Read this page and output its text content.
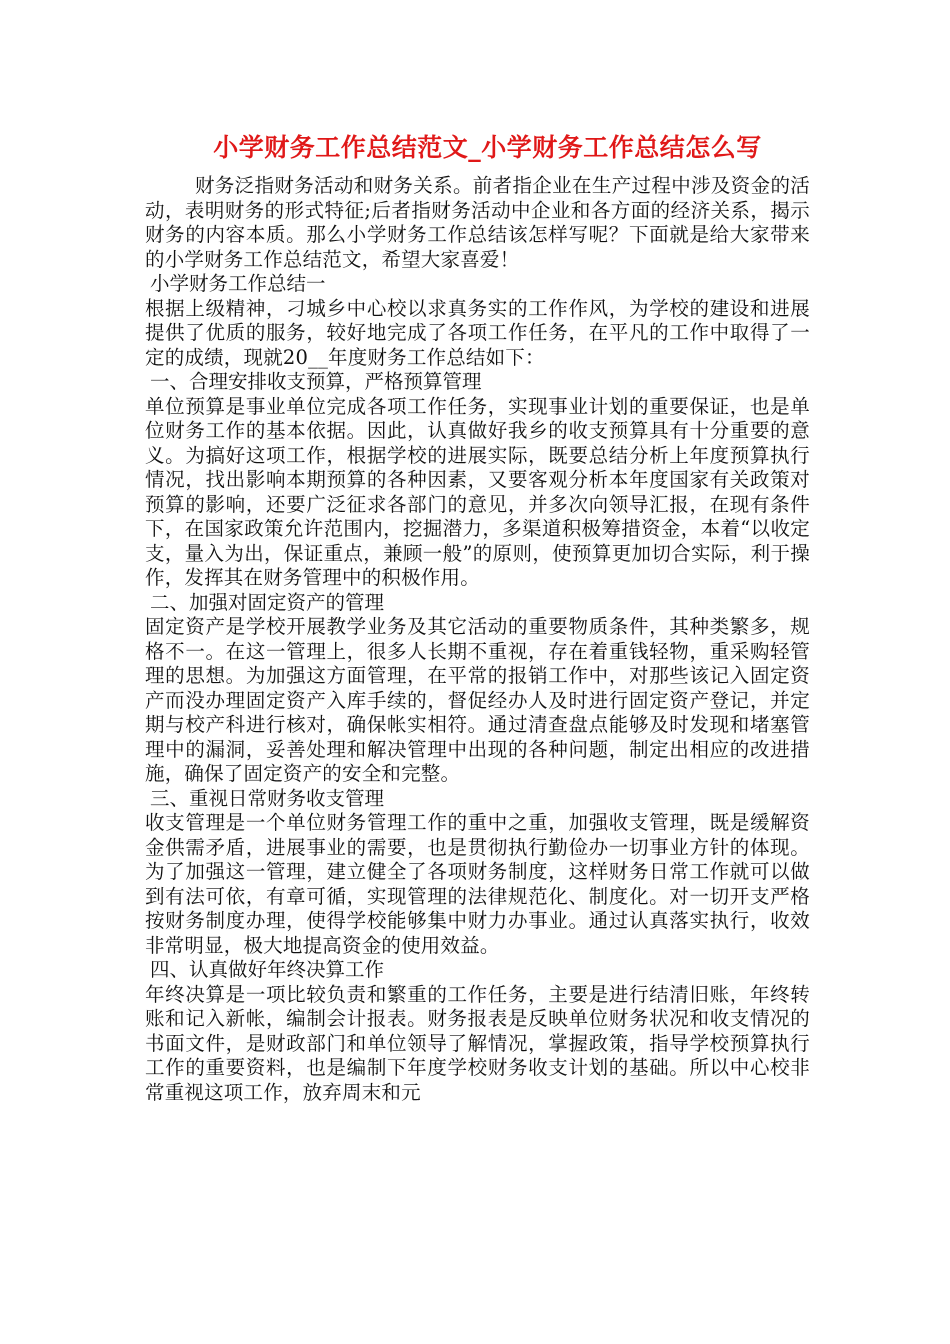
小学财务工作总结范文_小学财务工作总结怎么写

财务泛指财务活动和财务关系。前者指企业在生产过程中涉及资金的活动，表明财务的形式特征;后者指财务活动中企业和各方面的经济关系，揭示财务的内容本质。那么小学财务工作总结该怎样写呢？下面就是给大家带来的小学财务工作总结范文，希望大家喜爱！

小学财务工作总结一

根据上级精神，刁城乡中心校以求真务实的工作作风，为学校的建设和进展提供了优质的服务，较好地完成了各项工作任务，在平凡的工作中取得了一定的成绩，现就20__年度财务工作总结如下：

一、合理安排收支预算，严格预算管理

单位预算是事业单位完成各项工作任务，实现事业计划的重要保证，也是单位财务工作的基本依据。因此，认真做好我乡的收支预算具有十分重要的意义。为搞好这项工作，根据学校的进展实际，既要总结分析上年度预算执行情况，找出影响本期预算的各种因素，又要客观分析本年度国家有关政策对预算的影响，还要广泛征求各部门的意见，并多次向领导汇报，在现有条件下，在国家政策允许范围内，挖掘潜力，多渠道积极筹措资金，本着“以收定支，量入为出，保证重点，兼顾一般”的原则，使预算更加切合实际，利于操作，发挥其在财务管理中的积极作用。

二、加强对固定资产的管理

固定资产是学校开展教学业务及其它活动的重要物质条件，其种类繁多，规格不一。在这一管理上，很多人长期不重视，存在着重钱轻物，重采购轻管理的思想。为加强这方面管理，在平常的报销工作中，对那些该记入固定资产而没办理固定资产入库手续的，督促经办人及时进行固定资产登记，并定期与校产科进行核对，确保帐实相符。通过清查盘点能够及时发现和堵塞管理中的漏洞，妥善处理和解决管理中出现的各种问题，制定出相应的改进措施，确保了固定资产的安全和完整。

三、重视日常财务收支管理

收支管理是一个单位财务管理工作的重中之重，加强收支管理，既是缓解资金供需矛盾，进展事业的需要，也是贯彻执行勤俭办一切事业方针的体现。为了加强这一管理，建立健全了各项财务制度，这样财务日常工作就可以做到有法可依，有章可循，实现管理的法律规范化、制度化。对一切开支严格按财务制度办理，使得学校能够集中财力办事业。通过认真落实执行，收效非常明显，极大地提高资金的使用效益。

四、认真做好年终决算工作

年终决算是一项比较负责和繁重的工作任务，主要是进行结清旧账，年终转账和记入新帐，编制会计报表。财务报表是反映单位财务状况和收支情况的书面文件，是财政部门和单位领导了解情况，掌握政策，指导学校预算执行工作的重要资料，也是编制下年度学校财务收支计划的基础。所以中心校非常重视这项工作，放弃周末和元
